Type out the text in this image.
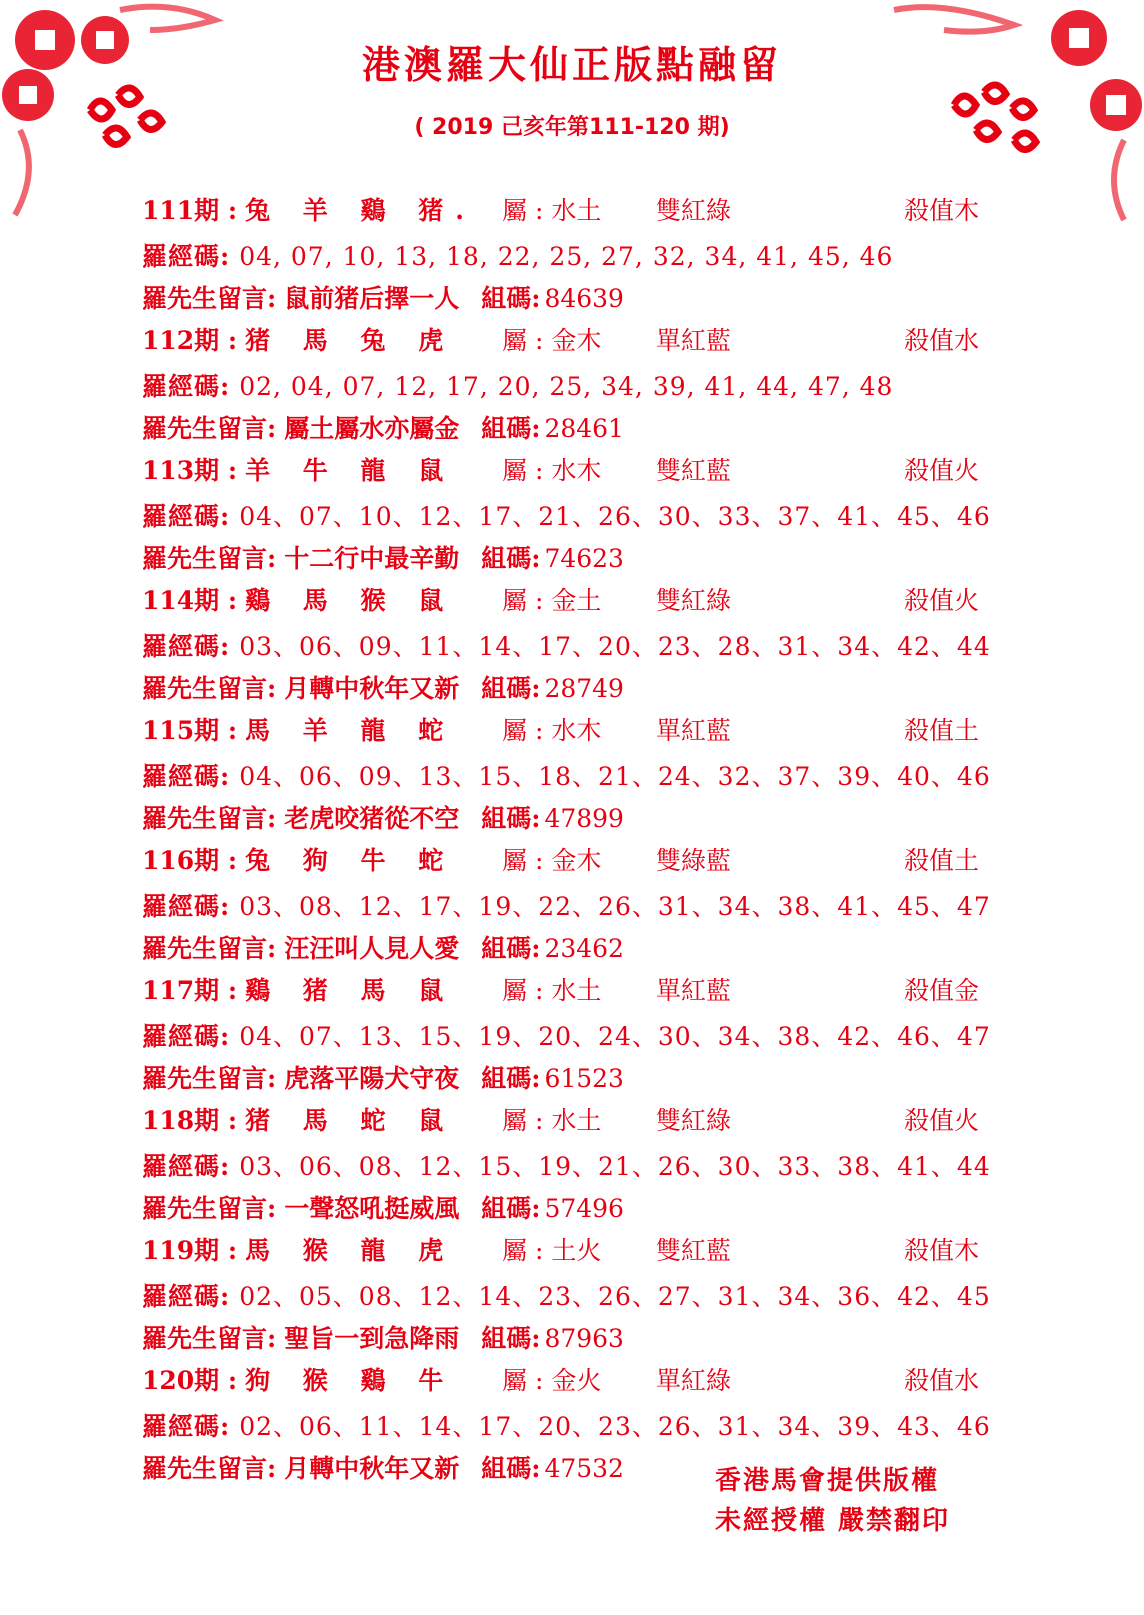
港澳羅大仙正版點融留
( 2019 己亥年第111-120 期)
111期 : 兔 羊 鷄 猪. 屬 : 水土 雙紅綠	殺值木
羅經碼: 04, 07, 10, 13, 18, 22, 25, 27, 32, 34, 41, 45, 46
羅先生留言: 鼠前猪后擇一人 組碼: 84639
112期 : 猪 馬 兔 虎 屬 : 金木 單紅藍	殺值水
羅經碼: 02, 04, 07, 12, 17, 20, 25, 34, 39, 41, 44, 47, 48
羅先生留言: 屬土屬水亦屬金 組碼: 28461
113期 : 羊 牛 龍 鼠 屬 : 水木 雙紅藍	殺值火
羅經碼: 04、07、10、12、17、21、26、30、33、37、41、45、46
羅先生留言: 十二行中最辛勤 組碼: 74623
114期 : 鷄 馬 猴 鼠 屬 : 金土 雙紅綠	殺值火
羅經碼: 03、06、09、11、14、17、20、23、28、31、34、42、44
羅先生留言: 月轉中秋年又新 組碼: 28749
115期 : 馬 羊 龍 蛇 屬 : 水木 單紅藍	殺值土
羅經碼: 04、06、09、13、15、18、21、24、32、37、39、40、46
羅先生留言: 老虎咬猪從不空 組碼: 47899
116期 : 兔 狗 牛 蛇 屬 : 金木 雙綠藍	殺值土
羅經碼: 03、08、12、17、19、22、26、31、34、38、41、45、47
羅先生留言: 汪汪叫人見人愛 組碼: 23462
117期 : 鷄 猪 馬 鼠 屬 : 水土 單紅藍	殺值金
羅經碼: 04、07、13、15、19、20、24、30、34、38、42、46、47
羅先生留言: 虎落平陽犬守夜 組碼: 61523
118期 : 猪 馬 蛇 鼠 屬 : 水土 雙紅綠	殺值火
羅經碼: 03、06、08、12、15、19、21、26、30、33、38、41、44
羅先生留言: 一聲怒吼挺威風 組碼: 57496
119期 : 馬 猴 龍 虎 屬 : 土火 雙紅藍	殺值木
羅經碼: 02、05、08、12、14、23、26、27、31、34、36、42、45
羅先生留言: 聖旨一到急降雨 組碼: 87963
120期 : 狗 猴 鷄 牛 屬 : 金火 單紅綠	殺值水
羅經碼: 02、06、11、14、17、20、23、26、31、34、39、43、46
羅先生留言: 月轉中秋年又新 組碼: 47532	香港馬會提供版權
未經授權 嚴禁翻印
